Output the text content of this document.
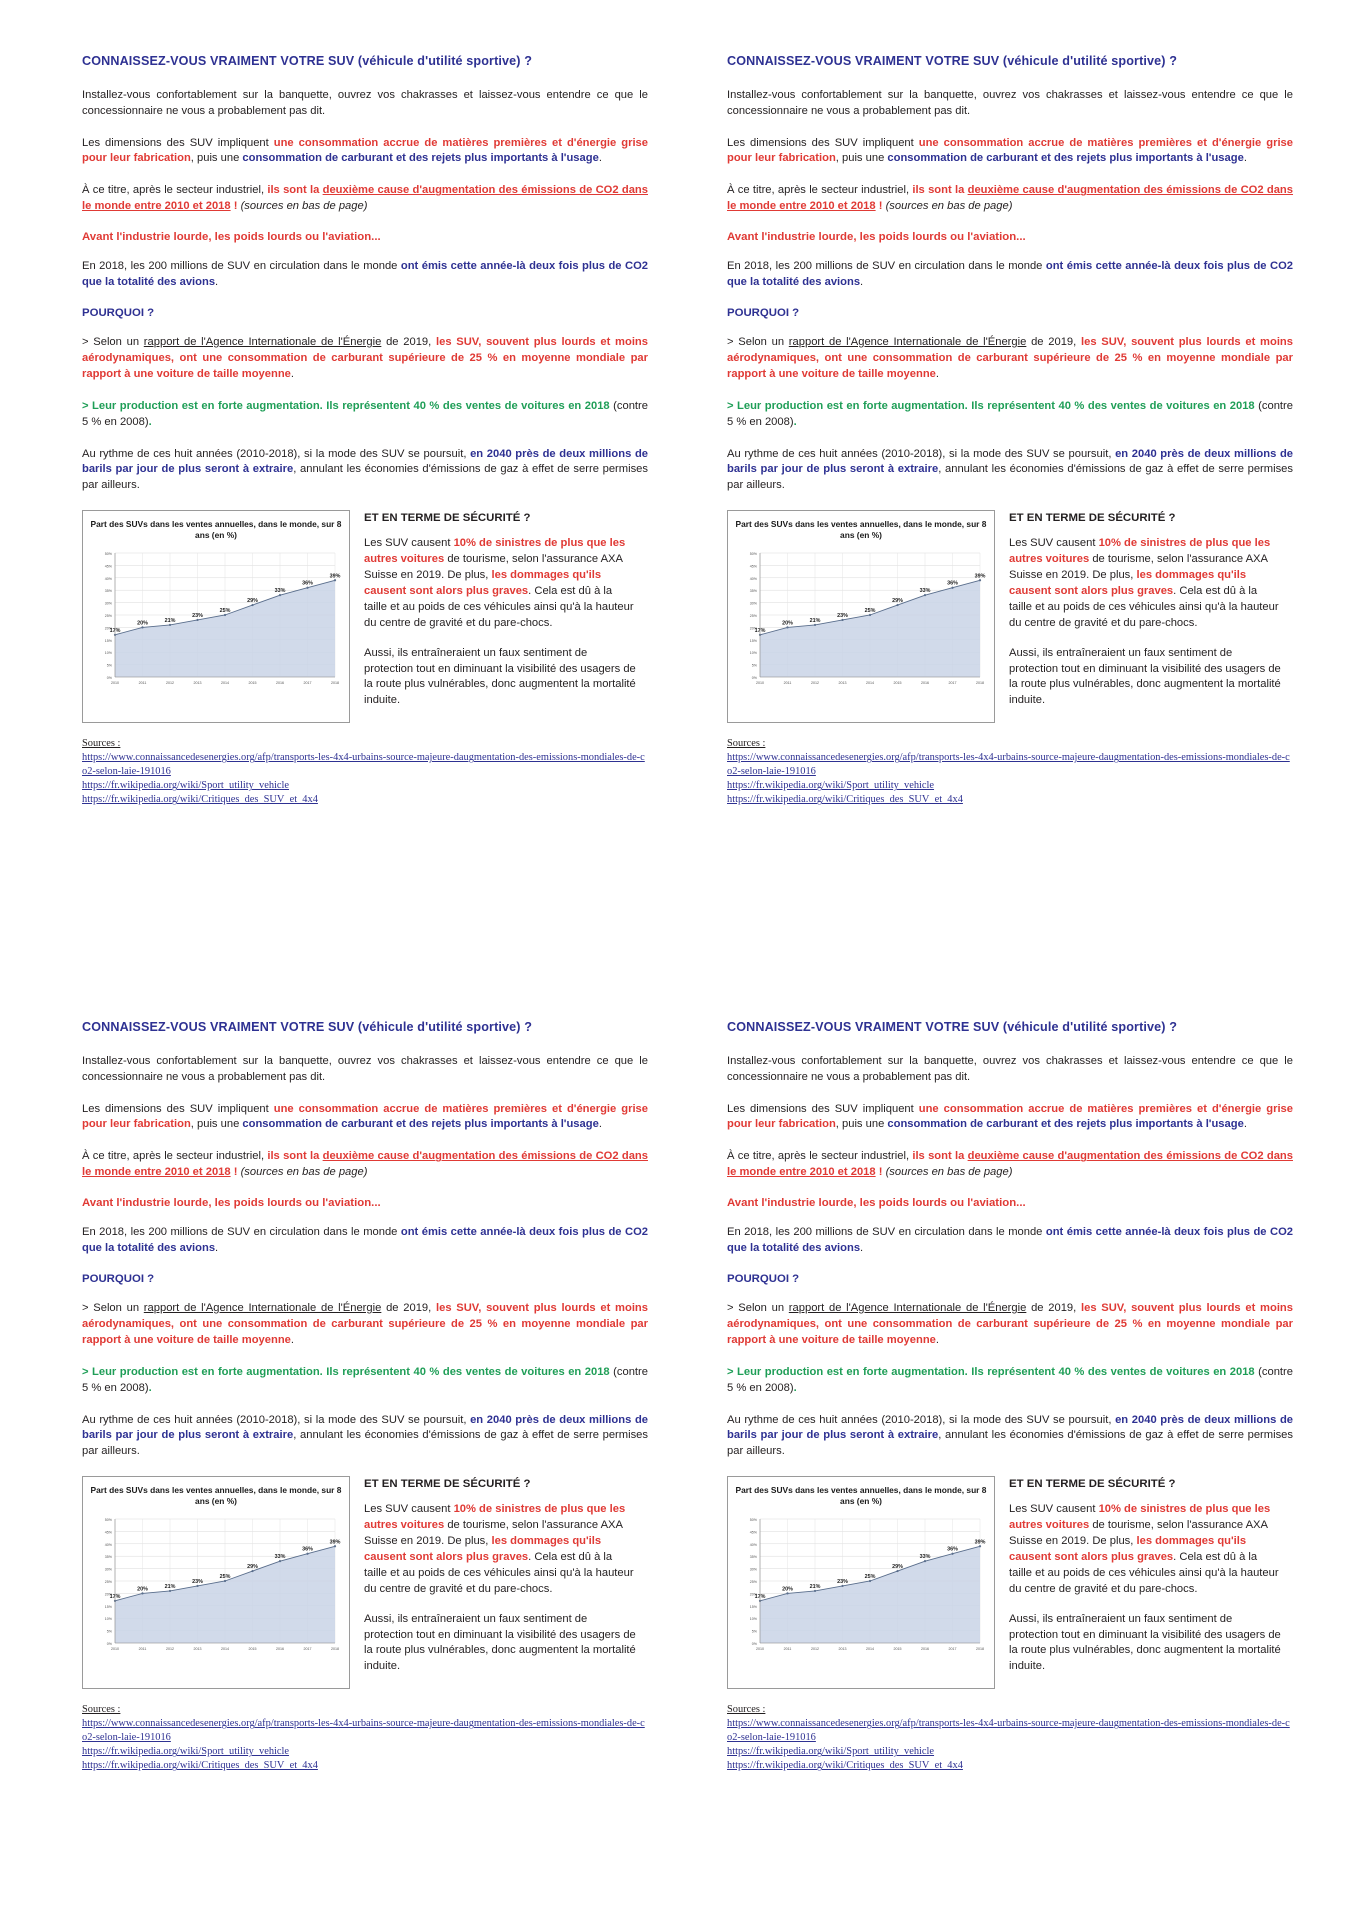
CONNAISSEZ-VOUS VRAIMENT VOTRE SUV (véhicule d'utilité sportive) ?

Installez-vous confortablement sur la banquette, ouvrez vos chakrasses et laissez-vous entendre ce que le concessionnaire ne vous a probablement pas dit.

Les dimensions des SUV impliquent une consommation accrue de matières premières et d'énergie grise pour leur fabrication, puis une consommation de carburant et des rejets plus importants à l'usage.

À ce titre, après le secteur industriel, ils sont la deuxième cause d'augmentation des émissions de CO2 dans le monde entre 2010 et 2018 ! (sources en bas de page)

Avant l'industrie lourde, les poids lourds ou l'aviation...

En 2018, les 200 millions de SUV en circulation dans le monde ont émis cette année-là deux fois plus de CO2 que la totalité des avions.

POURQUOI ?

> Selon un rapport de l'Agence Internationale de l'Énergie de 2019, les SUV, souvent plus lourds et moins aérodynamiques, ont une consommation de carburant supérieure de 25 % en moyenne mondiale par rapport à une voiture de taille moyenne.

> Leur production est en forte augmentation. Ils représentent 40 % des ventes de voitures en 2018 (contre 5 % en 2008).

Au rythme de ces huit années (2010-2018), si la mode des SUV se poursuit, en 2040 près de deux millions de barils par jour de plus seront à extraire, annulant les économies d'émissions de gaz à effet de serre permises par ailleurs.

Part des SUVs dans les ventes annuelles, dans le monde, sur 8 ans (en %)
0%
5%
10%
15%
20%
25%
30%
35%
40%
45%
50%
17%
20%	21%
23%
25%
29%
33%
36%
39%
2010	2011	2012	2013	2014	2015	2016	2017	2018
ET EN TERME DE SÉCURITÉ ?

Les SUV causent 10% de sinistres de plus que les autres voitures de tourisme, selon l'assurance AXA Suisse en 2019. De plus, les dommages qu'ils causent sont alors plus graves. Cela est dû à la taille et au poids de ces véhicules ainsi qu'à la hauteur du centre de gravité et du pare-chocs.

Aussi, ils entraîneraient un faux sentiment de protection tout en diminuant la visibilité des usagers de la route plus vulnérables, donc augmentent la mortalité induite.

Sources :
https://www.connaissancedesenergies.org/afp/transports-les-4x4-urbains-source-majeure-daugmentation-des-emissions-mondiales-de-co2-selon-laie-191016
https://fr.wikipedia.org/wiki/Sport_utility_vehicle
https://fr.wikipedia.org/wiki/Critiques_des_SUV_et_4x4
CONNAISSEZ-VOUS VRAIMENT VOTRE SUV (véhicule d'utilité sportive) ?

Installez-vous confortablement sur la banquette, ouvrez vos chakrasses et laissez-vous entendre ce que le concessionnaire ne vous a probablement pas dit.

Les dimensions des SUV impliquent une consommation accrue de matières premières et d'énergie grise pour leur fabrication, puis une consommation de carburant et des rejets plus importants à l'usage.

À ce titre, après le secteur industriel, ils sont la deuxième cause d'augmentation des émissions de CO2 dans le monde entre 2010 et 2018 ! (sources en bas de page)

Avant l'industrie lourde, les poids lourds ou l'aviation...

En 2018, les 200 millions de SUV en circulation dans le monde ont émis cette année-là deux fois plus de CO2 que la totalité des avions.

POURQUOI ?

> Selon un rapport de l'Agence Internationale de l'Énergie de 2019, les SUV, souvent plus lourds et moins aérodynamiques, ont une consommation de carburant supérieure de 25 % en moyenne mondiale par rapport à une voiture de taille moyenne.

> Leur production est en forte augmentation. Ils représentent 40 % des ventes de voitures en 2018 (contre 5 % en 2008).

Au rythme de ces huit années (2010-2018), si la mode des SUV se poursuit, en 2040 près de deux millions de barils par jour de plus seront à extraire, annulant les économies d'émissions de gaz à effet de serre permises par ailleurs.

Part des SUVs dans les ventes annuelles, dans le monde, sur 8 ans (en %)
0%
5%
10%
15%
20%
25%
30%
35%
40%
45%
50%
17%
20%	21%
23%
25%
29%
33%
36%
39%
2010	2011	2012	2013	2014	2015	2016	2017	2018
ET EN TERME DE SÉCURITÉ ?

Les SUV causent 10% de sinistres de plus que les autres voitures de tourisme, selon l'assurance AXA Suisse en 2019. De plus, les dommages qu'ils causent sont alors plus graves. Cela est dû à la taille et au poids de ces véhicules ainsi qu'à la hauteur du centre de gravité et du pare-chocs.

Aussi, ils entraîneraient un faux sentiment de protection tout en diminuant la visibilité des usagers de la route plus vulnérables, donc augmentent la mortalité induite.

Sources :
https://www.connaissancedesenergies.org/afp/transports-les-4x4-urbains-source-majeure-daugmentation-des-emissions-mondiales-de-co2-selon-laie-191016
https://fr.wikipedia.org/wiki/Sport_utility_vehicle
https://fr.wikipedia.org/wiki/Critiques_des_SUV_et_4x4
CONNAISSEZ-VOUS VRAIMENT VOTRE SUV (véhicule d'utilité sportive) ?

Installez-vous confortablement sur la banquette, ouvrez vos chakrasses et laissez-vous entendre ce que le concessionnaire ne vous a probablement pas dit.

Les dimensions des SUV impliquent une consommation accrue de matières premières et d'énergie grise pour leur fabrication, puis une consommation de carburant et des rejets plus importants à l'usage.

À ce titre, après le secteur industriel, ils sont la deuxième cause d'augmentation des émissions de CO2 dans le monde entre 2010 et 2018 ! (sources en bas de page)

Avant l'industrie lourde, les poids lourds ou l'aviation...

En 2018, les 200 millions de SUV en circulation dans le monde ont émis cette année-là deux fois plus de CO2 que la totalité des avions.

POURQUOI ?

> Selon un rapport de l'Agence Internationale de l'Énergie de 2019, les SUV, souvent plus lourds et moins aérodynamiques, ont une consommation de carburant supérieure de 25 % en moyenne mondiale par rapport à une voiture de taille moyenne.

> Leur production est en forte augmentation. Ils représentent 40 % des ventes de voitures en 2018 (contre 5 % en 2008).

Au rythme de ces huit années (2010-2018), si la mode des SUV se poursuit, en 2040 près de deux millions de barils par jour de plus seront à extraire, annulant les économies d'émissions de gaz à effet de serre permises par ailleurs.

Part des SUVs dans les ventes annuelles, dans le monde, sur 8 ans (en %)
0%
5%
10%
15%
20%
25%
30%
35%
40%
45%
50%
17%
20%	21%
23%
25%
29%
33%
36%
39%
2010	2011	2012	2013	2014	2015	2016	2017	2018
ET EN TERME DE SÉCURITÉ ?

Les SUV causent 10% de sinistres de plus que les autres voitures de tourisme, selon l'assurance AXA Suisse en 2019. De plus, les dommages qu'ils causent sont alors plus graves. Cela est dû à la taille et au poids de ces véhicules ainsi qu'à la hauteur du centre de gravité et du pare-chocs.

Aussi, ils entraîneraient un faux sentiment de protection tout en diminuant la visibilité des usagers de la route plus vulnérables, donc augmentent la mortalité induite.

Sources :
https://www.connaissancedesenergies.org/afp/transports-les-4x4-urbains-source-majeure-daugmentation-des-emissions-mondiales-de-co2-selon-laie-191016
https://fr.wikipedia.org/wiki/Sport_utility_vehicle
https://fr.wikipedia.org/wiki/Critiques_des_SUV_et_4x4
CONNAISSEZ-VOUS VRAIMENT VOTRE SUV (véhicule d'utilité sportive) ?

Installez-vous confortablement sur la banquette, ouvrez vos chakrasses et laissez-vous entendre ce que le concessionnaire ne vous a probablement pas dit.

Les dimensions des SUV impliquent une consommation accrue de matières premières et d'énergie grise pour leur fabrication, puis une consommation de carburant et des rejets plus importants à l'usage.

À ce titre, après le secteur industriel, ils sont la deuxième cause d'augmentation des émissions de CO2 dans le monde entre 2010 et 2018 ! (sources en bas de page)

Avant l'industrie lourde, les poids lourds ou l'aviation...

En 2018, les 200 millions de SUV en circulation dans le monde ont émis cette année-là deux fois plus de CO2 que la totalité des avions.

POURQUOI ?

> Selon un rapport de l'Agence Internationale de l'Énergie de 2019, les SUV, souvent plus lourds et moins aérodynamiques, ont une consommation de carburant supérieure de 25 % en moyenne mondiale par rapport à une voiture de taille moyenne.

> Leur production est en forte augmentation. Ils représentent 40 % des ventes de voitures en 2018 (contre 5 % en 2008).

Au rythme de ces huit années (2010-2018), si la mode des SUV se poursuit, en 2040 près de deux millions de barils par jour de plus seront à extraire, annulant les économies d'émissions de gaz à effet de serre permises par ailleurs.

Part des SUVs dans les ventes annuelles, dans le monde, sur 8 ans (en %)
0%
5%
10%
15%
20%
25%
30%
35%
40%
45%
50%
17%
20%	21%
23%
25%
29%
33%
36%
39%
2010	2011	2012	2013	2014	2015	2016	2017	2018
ET EN TERME DE SÉCURITÉ ?

Les SUV causent 10% de sinistres de plus que les autres voitures de tourisme, selon l'assurance AXA Suisse en 2019. De plus, les dommages qu'ils causent sont alors plus graves. Cela est dû à la taille et au poids de ces véhicules ainsi qu'à la hauteur du centre de gravité et du pare-chocs.

Aussi, ils entraîneraient un faux sentiment de protection tout en diminuant la visibilité des usagers de la route plus vulnérables, donc augmentent la mortalité induite.

Sources :
https://www.connaissancedesenergies.org/afp/transports-les-4x4-urbains-source-majeure-daugmentation-des-emissions-mondiales-de-co2-selon-laie-191016
https://fr.wikipedia.org/wiki/Sport_utility_vehicle
https://fr.wikipedia.org/wiki/Critiques_des_SUV_et_4x4
